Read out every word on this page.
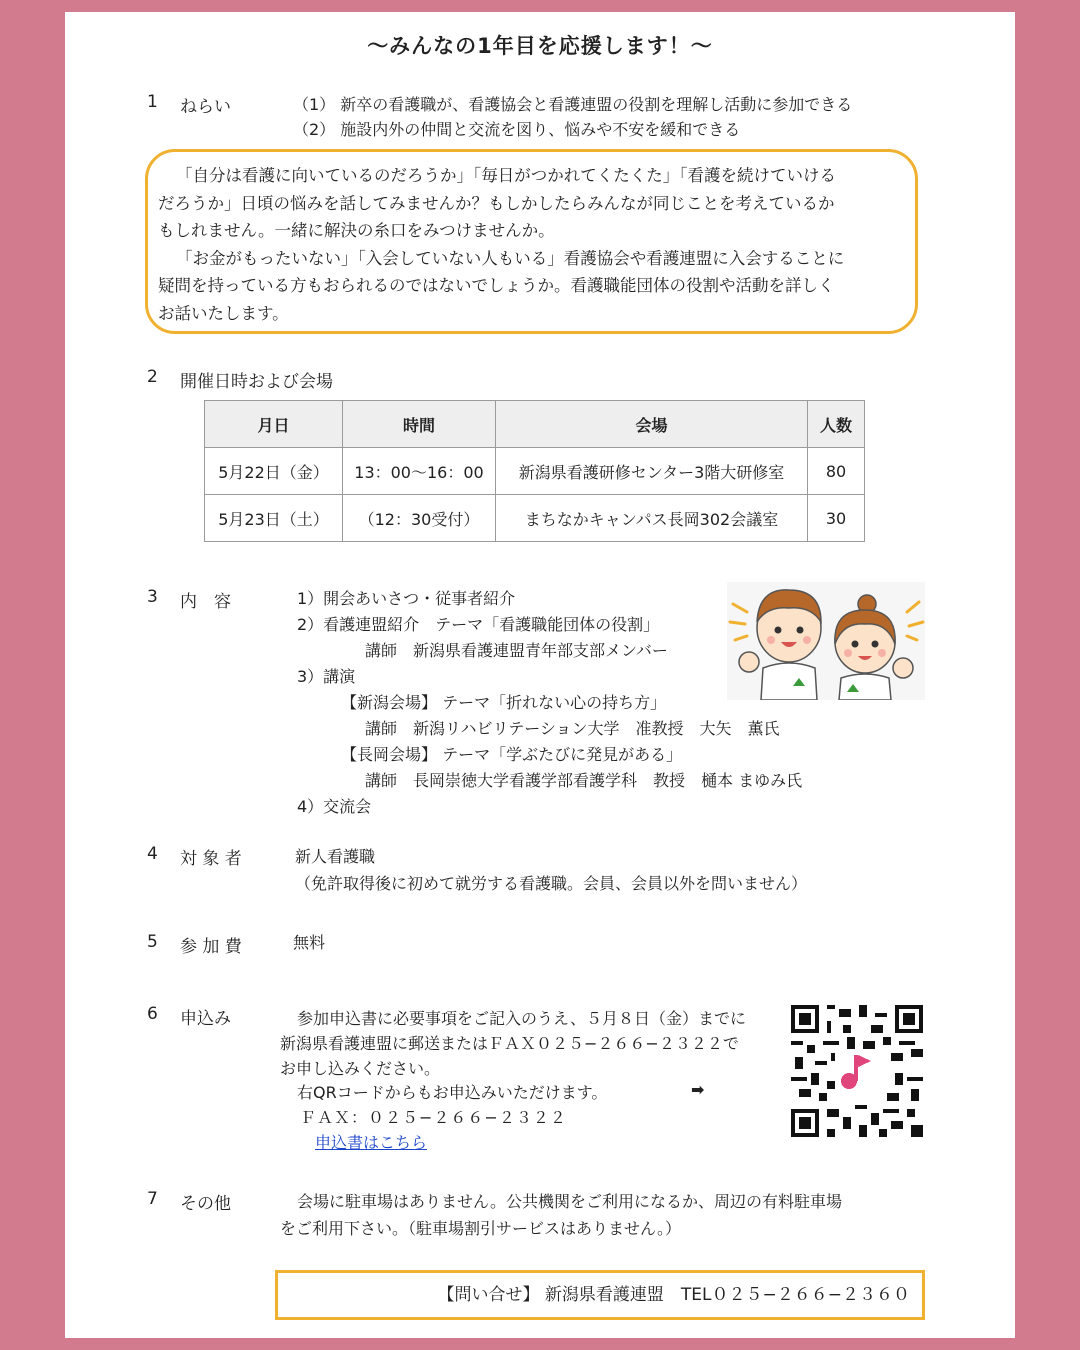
〜みんなの1年目を応援します！〜
1 ねらい	（1） 新卒の看護職が、看護協会と看護連盟の役割を理解し活動に参加できる
（2） 施設内外の仲間と交流を図り、悩みや不安を緩和できる
「自分は看護に向いているのだろうか」「毎日がつかれてくたくた」「看護を続けていける
だろうか」日頃の悩みを話してみませんか？もしかしたらみんなが同じことを考えているか
もしれません。一緒に解決の糸口をみつけませんか。
「お金がもったいない」「入会していない人もいる」看護協会や看護連盟に入会することに
疑問を持っている方もおられるのではないでしょうか。看護職能団体の役割や活動を詳しく
お話いたします。
2 開催日時および会場
月日	時間	会場	人数
5月22日（金）	13：00〜16：00	新潟県看護研修センター3階大研修室	80
5月23日（土）	（12：30受付）	まちなかキャンパス長岡302会議室	30
3 内　容	1）開会あいさつ・従事者紹介
2）看護連盟紹介　テーマ「看護職能団体の役割」
講師　新潟県看護連盟青年部支部メンバー
3）講演
【新潟会場】 テーマ「折れない心の持ち方」
講師　新潟リハビリテーション大学　准教授　大矢　薫氏
【長岡会場】 テーマ「学ぶたびに発見がある」
講師　長岡崇徳大学看護学部看護学科　教授　樋本 まゆみ氏
4）交流会
4 対 象 者	新人看護職
（免許取得後に初めて就労する看護職。会員、会員以外を問いません）
5 参 加 費	無料
6 申込み	参加申込書に必要事項をご記入のうえ、５月８日（金）までに
新潟県看護連盟に郵送またはＦＡＸ０２５−２６６−２３２２で
お申し込みください。
右QRコードからもお申込みいただけます。	➡
ＦＡＸ：０２５−２６６−２３２２
申込書はこちら
7 その他	会場に駐車場はありません。公共機関をご利用になるか、周辺の有料駐車場
をご利用下さい。（駐車場割引サービスはありません。）
【問い合せ】 新潟県看護連盟　TEL０２５−２６６−２３６０
